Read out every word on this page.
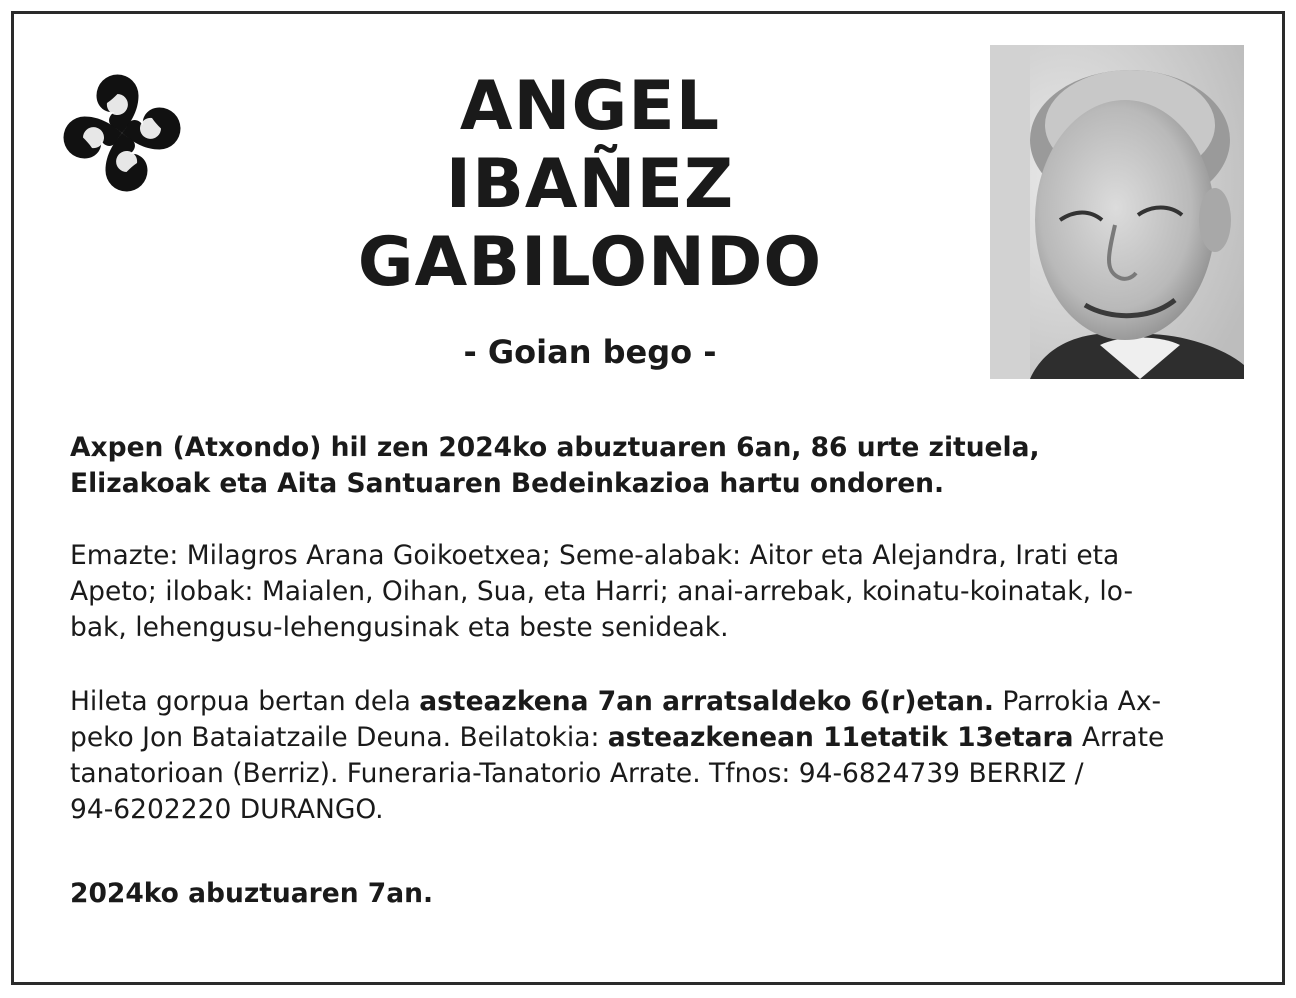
ANGEL
IBAÑEZ
GABILONDO
- Goian bego -

Axpen (Atxondo) hil zen 2024ko abuztuaren 6an, 86 urte zituela,
Elizakoak eta Aita Santuaren Bedeinkazioa hartu ondoren.

Emazte: Milagros Arana Goikoetxea; Seme-alabak: Aitor eta Alejandra, Irati eta
Apeto; ilobak: Maialen, Oihan, Sua, eta Harri; anai-arrebak, koinatu-koinatak, lo-
bak, lehengusu-lehengusinak eta beste senideak.

Hileta gorpua bertan dela asteazkena 7an arratsaldeko 6(r)etan. Parrokia Ax-
peko Jon Bataiatzaile Deuna. Beilatokia: asteazkenean 11etatik 13etara Arrate
tanatorioan (Berriz). Funeraria-Tanatorio Arrate. Tfnos: 94-6824739 BERRIZ /
94-6202220 DURANGO.

2024ko abuztuaren 7an.
